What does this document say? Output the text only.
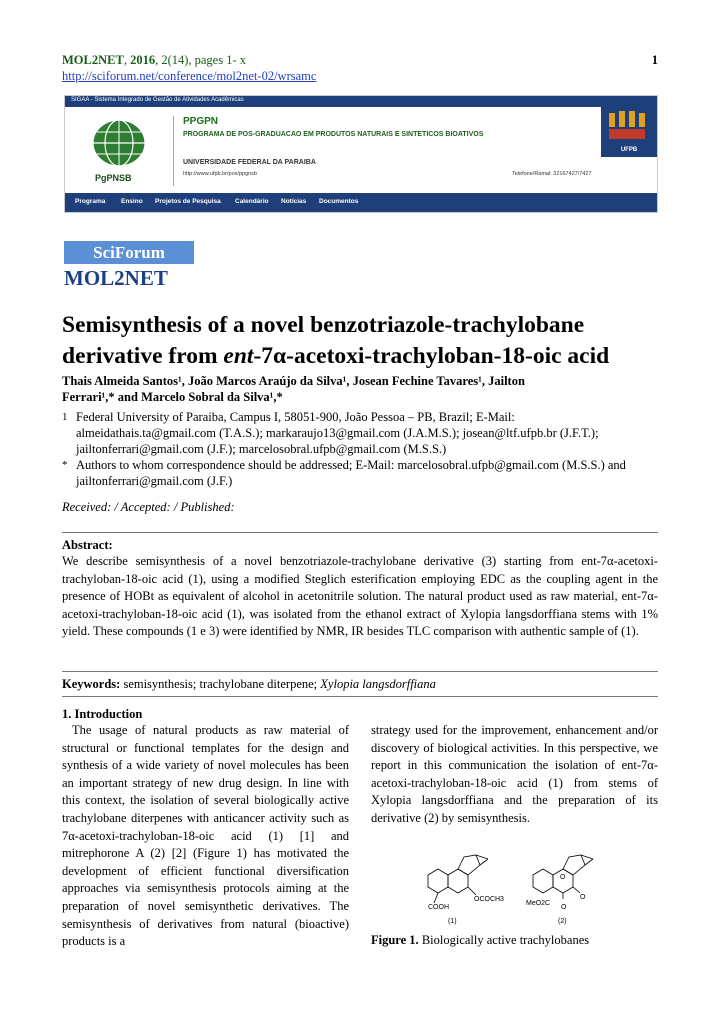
MOL2NET, 2016, 2(14), pages 1- x	1
http://sciforum.net/conference/mol2net-02/wrsamc
SIGAA - Sistema Integrado de Gestão de Atividades Acadêmicas
PgPNSB
PPGPN
PROGRAMA DE POS-GRADUACAO EM PRODUTOS NATURAIS E SINTETICOS BIOATIVOS
UNIVERSIDADE FEDERAL DA PARAIBA
http://www.ufpb.br/pos/ppgnsb	Telefone/Ramal: 32167427/7427
UFPB
Programa Ensino Projetos de Pesquisa Calendário Notícias Documentos
SciForum
MOL2NET
Semisynthesis of a novel benzotriazole-trachylobane
derivative from ent-7α-acetoxi-trachyloban-18-oic acid
Thais Almeida Santos¹, João Marcos Araújo da Silva¹, Josean Fechine Tavares¹, Jailton
Ferrari¹,* and Marcelo Sobral da Silva¹,*
1 Federal University of Paraiba, Campus I, 58051-900, João Pessoa – PB, Brazil; E-Mail: almeidathais.ta@gmail.com (T.A.S.); markaraujo13@gmail.com (J.A.M.S.); josean@ltf.ufpb.br (J.F.T.); jailtonferrari@gmail.com (J.F.); marcelosobral.ufpb@gmail.com (M.S.S.)
* Authors to whom correspondence should be addressed; E-Mail: marcelosobral.ufpb@gmail.com (M.S.S.) and jailtonferrari@gmail.com (J.F.)
Received: / Accepted: / Published:
Abstract:
We describe semisynthesis of a novel benzotriazole-trachylobane derivative (3) starting from ent-7α-acetoxi-trachyloban-18-oic acid (1), using a modified Steglich esterification employing EDC as the coupling agent in the presence of HOBt as equivalent of alcohol in acetonitrile solution. The natural product used as raw material, ent-7α-acetoxi-trachyloban-18-oic acid (1), was isolated from the ethanol extract of Xylopia langsdorffiana stems with 1% yield. These compounds (1 e 3) were identified by NMR, IR besides TLC comparison with authentic sample of (1).
Keywords: semisynthesis; trachylobane diterpene; Xylopia langsdorffiana
1. Introduction
The usage of natural products as raw material of structural or functional templates for the design and synthesis of a wide variety of novel molecules has been an important strategy of new drug design. In line with this context, the isolation of several biologically active trachylobane diterpenes with anticancer activity such as 7α-acetoxi-trachyloban-18-oic acid (1) [1] and mitrephorone A (2) [2] (Figure 1) has motivated the development of efficient functional diversification approaches via semisynthesis protocols aiming at the preparation of novel semisynthetic derivatives. The semisynthesis of derivatives from natural (bioactive) products is a
strategy used for the improvement, enhancement and/or discovery of biological activities. In this perspective, we report in this communication the isolation of ent-7α-acetoxi-trachyloban-18-oic acid (1) from stems of Xylopia langsdorffiana and the preparation of its derivative (2) by semisynthesis.
COOH
OCOCH3
(1)
O
O
O
MeO2C
(2)
Figure 1. Biologically active trachylobanes
